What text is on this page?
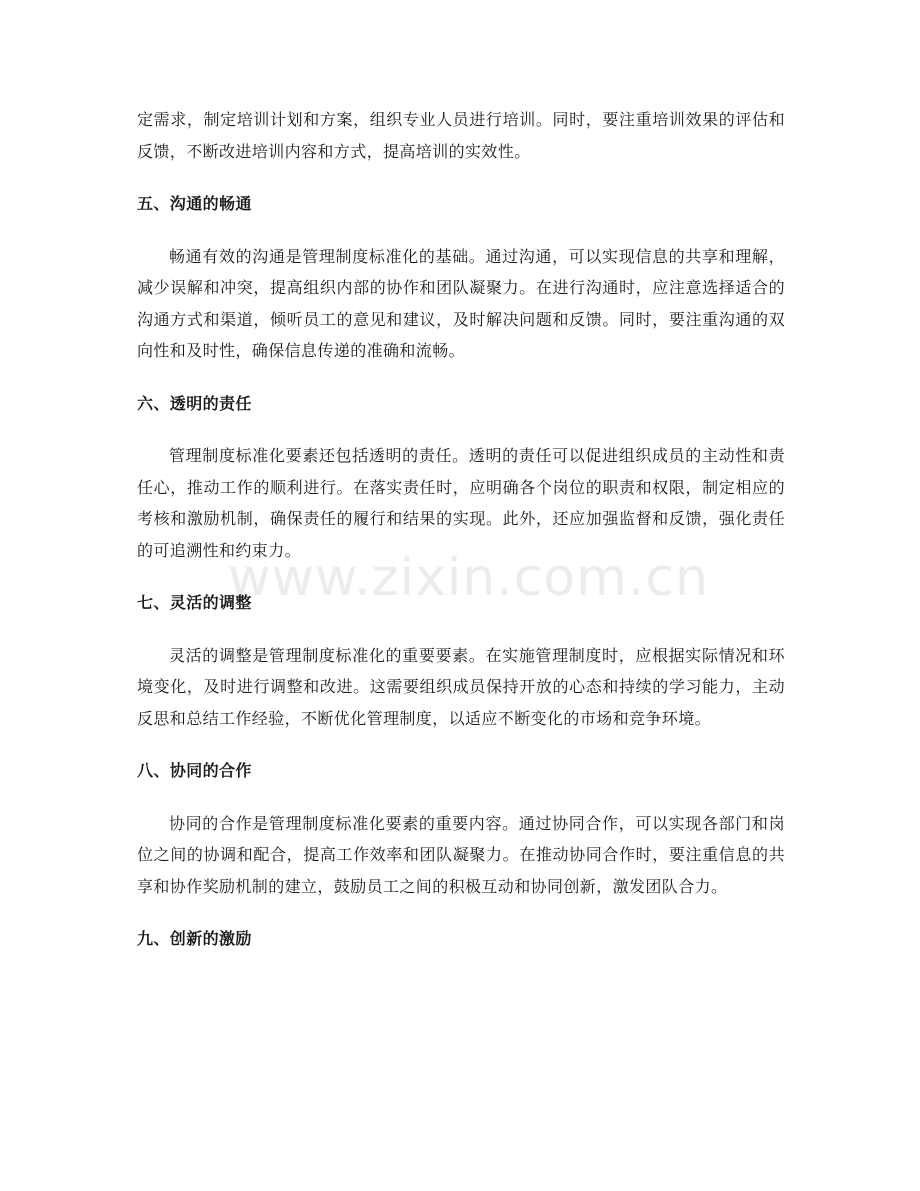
定需求，制定培训计划和方案，组织专业人员进行培训。同时，要注重培训效果的评估和反馈，不断改进培训内容和方式，提高培训的实效性。

五、沟通的畅通

畅通有效的沟通是管理制度标准化的基础。通过沟通，可以实现信息的共享和理解，减少误解和冲突，提高组织内部的协作和团队凝聚力。在进行沟通时，应注意选择适合的沟通方式和渠道，倾听员工的意见和建议，及时解决问题和反馈。同时，要注重沟通的双向性和及时性，确保信息传递的准确和流畅。

六、透明的责任

管理制度标准化要素还包括透明的责任。透明的责任可以促进组织成员的主动性和责任心，推动工作的顺利进行。在落实责任时，应明确各个岗位的职责和权限，制定相应的考核和激励机制，确保责任的履行和结果的实现。此外，还应加强监督和反馈，强化责任的可追溯性和约束力。

七、灵活的调整

灵活的调整是管理制度标准化的重要要素。在实施管理制度时，应根据实际情况和环境变化，及时进行调整和改进。这需要组织成员保持开放的心态和持续的学习能力，主动反思和总结工作经验，不断优化管理制度，以适应不断变化的市场和竞争环境。

八、协同的合作

协同的合作是管理制度标准化要素的重要内容。通过协同合作，可以实现各部门和岗位之间的协调和配合，提高工作效率和团队凝聚力。在推动协同合作时，要注重信息的共享和协作奖励机制的建立，鼓励员工之间的积极互动和协同创新，激发团队合力。

九、创新的激励

www.zixin.com.cn
